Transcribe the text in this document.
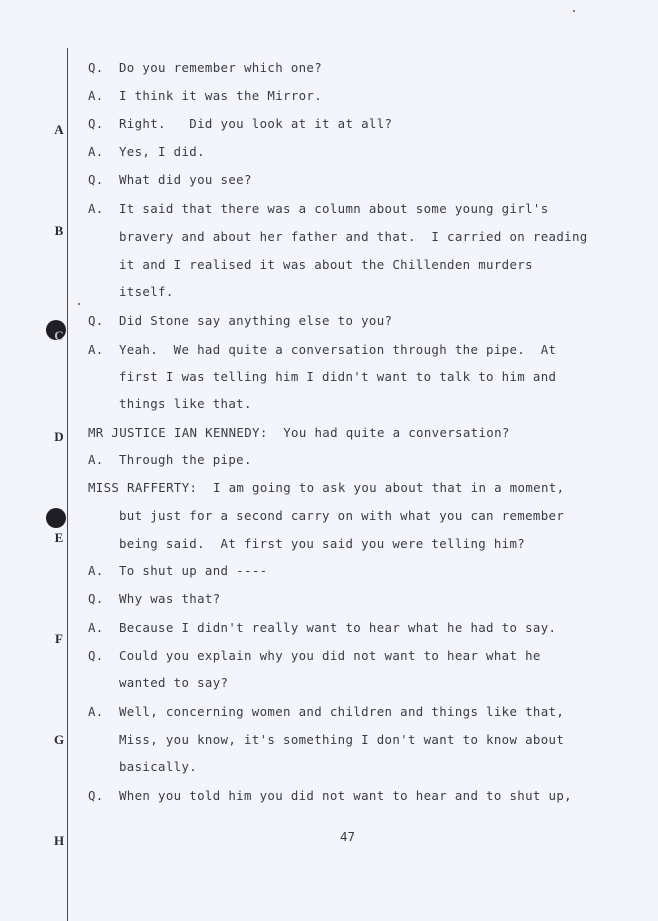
A
B
C
D
E
F
G
H
Q. Do you remember which one?
A. I think it was the Mirror.
Q. Right.   Did you look at it at all?
A. Yes, I did.
Q. What did you see?
A. It said that there was a column about some young girl's
bravery and about her father and that.  I carried on reading
it and I realised it was about the Chillenden murders
itself.
Q. Did Stone say anything else to you?
A. Yeah.  We had quite a conversation through the pipe.  At
first I was telling him I didn't want to talk to him and
things like that.
MR JUSTICE IAN KENNEDY:  You had quite a conversation?
A. Through the pipe.
MISS RAFFERTY:  I am going to ask you about that in a moment,
but just for a second carry on with what you can remember
being said.  At first you said you were telling him?
A. To shut up and ----
Q. Why was that?
A. Because I didn't really want to hear what he had to say.
Q. Could you explain why you did not want to hear what he
wanted to say?
A. Well, concerning women and children and things like that,
Miss, you know, it's something I don't want to know about
basically.
Q. When you told him you did not want to hear and to shut up,
47
